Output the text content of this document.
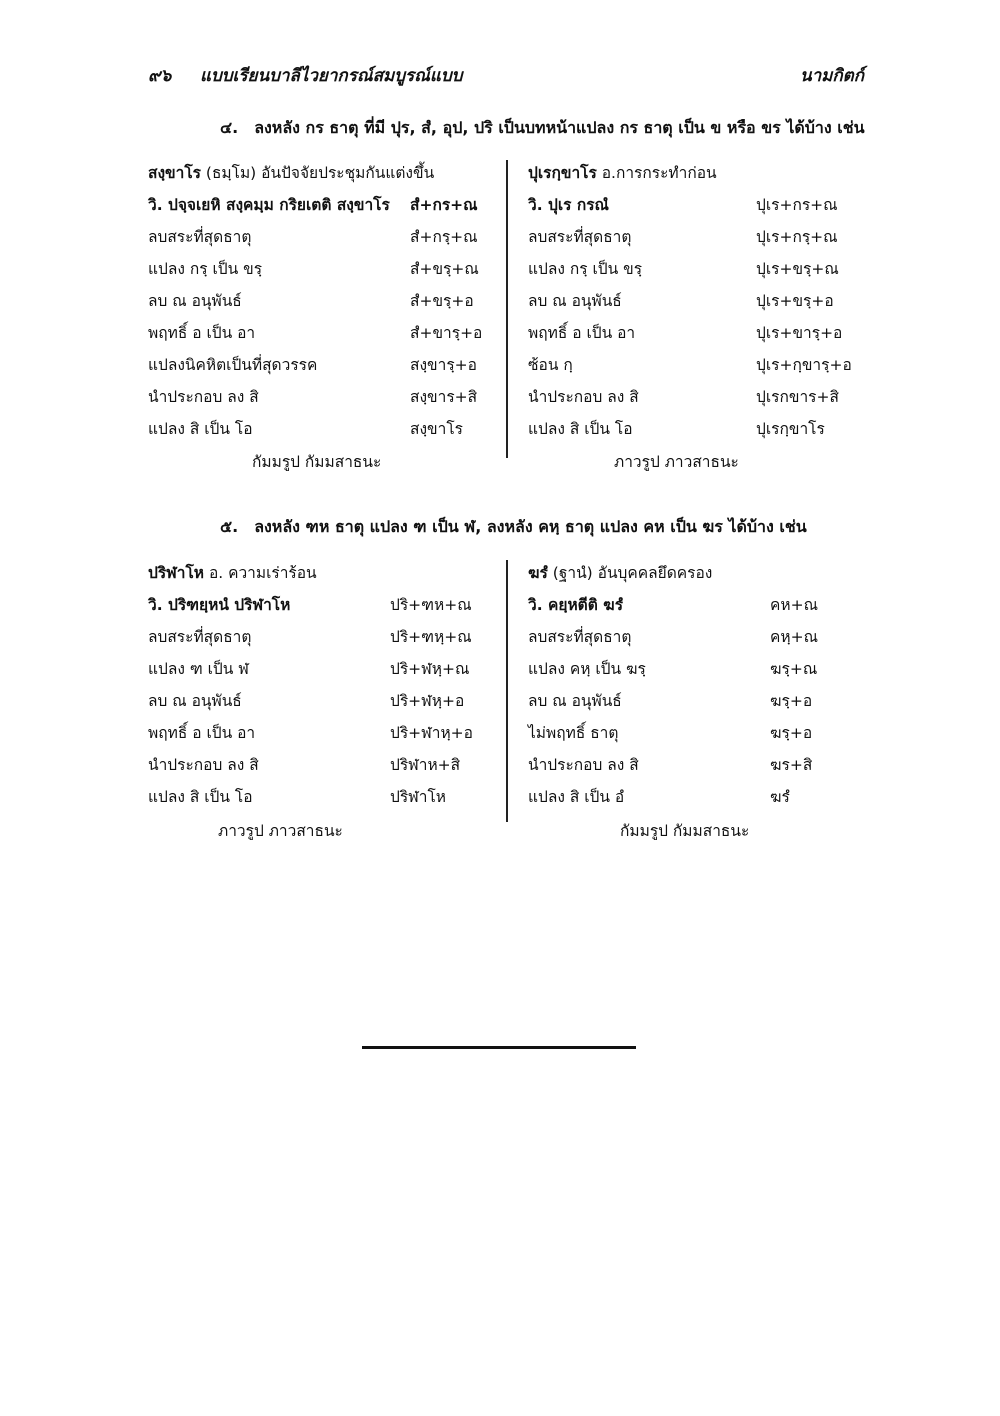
๙๖ แบบเรียนบาลีไวยากรณ์สมบูรณ์แบบ	นามกิตก์
๔. ลงหลัง กร ธาตุ ที่มี ปุร, สํ, อุป, ปริ เป็นบทหน้าแปลง กร ธาตุ เป็น ข หรือ ขร ได้บ้าง เช่น
สงฺขาโร (ธมฺโม) อันปัจจัยประชุมกันแต่งขึ้น
วิ. ปจฺจเยหิ สงฺคมฺม กริยเตติ สงฺขาโร สํ+กร+ณ
ลบสระที่สุดธาตุ	สํ+กรฺ+ณ
แปลง กรฺ เป็น ขรฺ	สํ+ขรฺ+ณ
ลบ ณ อนุพันธ์	สํ+ขรฺ+อ
พฤทธิ์ อ เป็น อา	สํ+ขารฺ+อ
แปลงนิคหิตเป็นที่สุดวรรค	สงฺขารฺ+อ
นำประกอบ ลง สิ	สงฺขาร+สิ
แปลง สิ เป็น โอ	สงฺขาโร
กัมมรูป กัมมสาธนะ
ปุเรกฺขาโร อ.การกระทำก่อน
วิ. ปุเร กรณํ	ปุเร+กร+ณ
ลบสระที่สุดธาตุ	ปุเร+กรฺ+ณ
แปลง กรฺ เป็น ขรฺ	ปุเร+ขรฺ+ณ
ลบ ณ อนุพันธ์	ปุเร+ขรฺ+อ
พฤทธิ์ อ เป็น อา	ปุเร+ขารฺ+อ
ซ้อน กฺ	ปุเร+กฺขารฺ+อ
นำประกอบ ลง สิ	ปุเรกขาร+สิ
แปลง สิ เป็น โอ	ปุเรกฺขาโร
ภาวรูป ภาวสาธนะ
๕. ลงหลัง ฑห ธาตุ แปลง ฑ เป็น ฬ, ลงหลัง คหฺ ธาตุ แปลง คห เป็น ฆร ได้บ้าง เช่น
ปริฬาโห อ. ความเร่าร้อน
วิ. ปริฑยฺหนํ ปริฬาโห	ปริ+ฑห+ณ
ลบสระที่สุดธาตุ	ปริ+ฑหฺ+ณ
แปลง ฑ เป็น ฬ	ปริ+ฬหฺ+ณ
ลบ ณ อนุพันธ์	ปริ+ฬหฺ+อ
พฤทธิ์ อ เป็น อา	ปริ+ฬาหฺ+อ
นำประกอบ ลง สิ	ปริฬาห+สิ
แปลง สิ เป็น โอ	ปริฬาโห
ภาวรูป ภาวสาธนะ
ฆรํ (ฐานํ) อันบุคคลยึดครอง
วิ. คยฺหตีติ ฆรํ	คห+ณ
ลบสระที่สุดธาตุ	คหฺ+ณ
แปลง คหฺ เป็น ฆรฺ	ฆรฺ+ณ
ลบ ณ อนุพันธ์	ฆรฺ+อ
ไม่พฤทธิ์ ธาตุ	ฆรฺ+อ
นำประกอบ ลง สิ	ฆร+สิ
แปลง สิ เป็น อํ	ฆรํ
กัมมรูป กัมมสาธนะ
